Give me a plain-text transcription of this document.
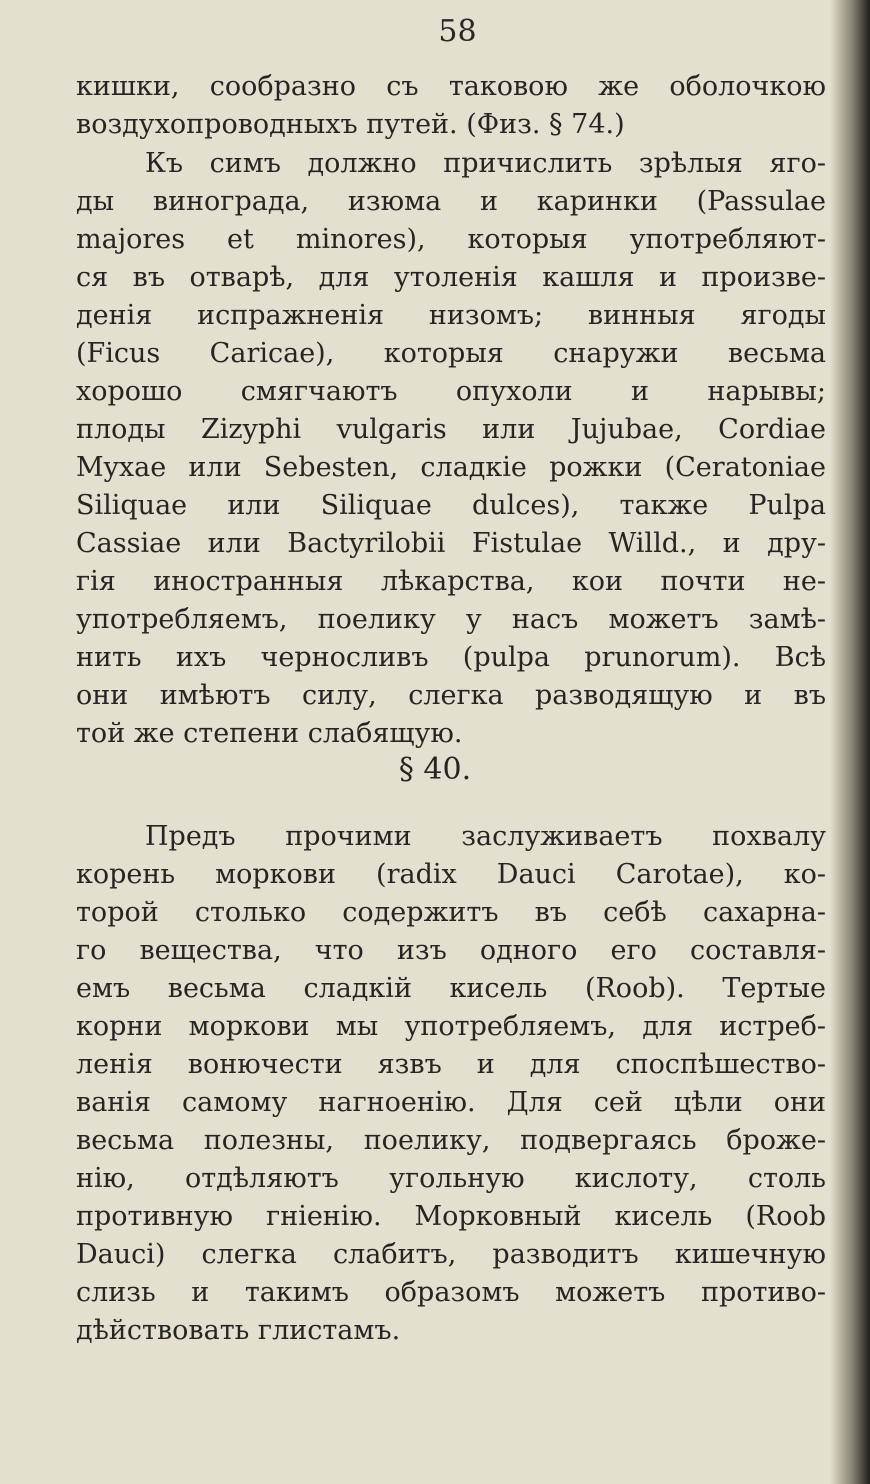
58

кишки, сообразно съ таковою же оболочкою

воздухопроводныхъ путей. (Физ. § 74.)

Къ симъ должно причислить зрѣлыя яго-

ды винограда, изюма и каринки (Passulae

majores et minores), которыя употребляют-

ся въ отварѣ, для утоленія кашля и произве-

денія испражненія низомъ; винныя ягоды

(Ficus Caricae), которыя снаружи весьма

хорошо смягчаютъ опухоли и нарывы;

плоды Zizyphi vulgaris или Jujubae, Cordiae

Myxae или Sebesten, сладкіе рожки (Ceratoniae

Siliquae или Siliquae dulces), также Pulpa

Cassiae или Bactyrilobii Fistulae Willd., и дру-

гія иностранныя лѣкарства, кои почти не-

употребляемъ, поелику у насъ можетъ замѣ-

нить ихъ черносливъ (pulpa prunorum). Всѣ

они имѣютъ силу, слегка разводящую и въ

той же степени слабящую.

§ 40.

Предъ прочими заслуживаетъ похвалу

корень моркови (radix Dauci Carotae), ко-

торой столько содержитъ въ себѣ сахарна-

го вещества, что изъ одного его составля-

емъ весьма сладкій кисель (Roob). Тертые

корни моркови мы употребляемъ, для истреб-

ленія вонючести язвъ и для споспѣшество-

ванія самому нагноенію. Для сей цѣли они

весьма полезны, поелику, подвергаясь броже-

нію, отдѣляютъ угольную кислоту, столь

противную гніенію. Морковный кисель (Roob

Dauci) слегка слабитъ, разводитъ кишечную

слизь и такимъ образомъ можетъ противо-

дѣйствовать глистамъ.
